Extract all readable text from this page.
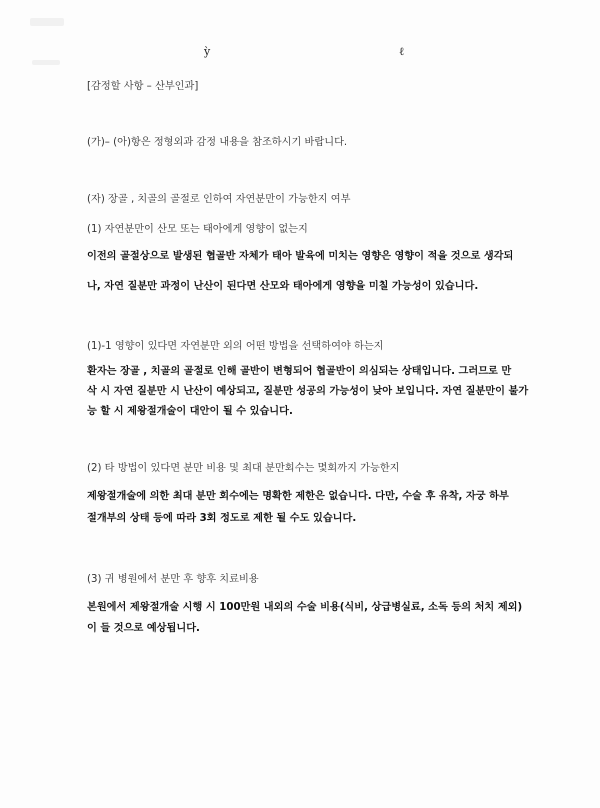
ỳ	ℓ
[감정할 사항 – 산부인과]
(가)– (아)항은 정형외과 감정 내용을 참조하시기 바랍니다.
(자) 장골 , 치골의 골절로 인하여 자연분만이 가능한지 여부
(1) 자연분만이 산모 또는 태아에게 영향이 없는지
이전의 골절상으로 발생된 협골반 자체가 태아 발육에 미치는 영향은 영향이 적을 것으로 생각되
나, 자연 질분만 과정이 난산이 된다면 산모와 태아에게 영향을 미칠 가능성이 있습니다.
(1)-1 영향이 있다면 자연분만 외의 어떤 방법을 선택하여야 하는지
환자는 장골 , 치골의 골절로 인해 골반이 변형되어 협골반이 의심되는 상태입니다. 그러므로 만
삭 시 자연 질분만 시 난산이 예상되고, 질분만 성공의 가능성이 낮아 보입니다. 자연 질분만이 불가
능 할 시 제왕절개술이 대안이 될 수 있습니다.
(2) 타 방법이 있다면 분만 비용 및 최대 분만회수는 몇회까지 가능한지
제왕절개술에 의한 최대 분만 회수에는 명확한 제한은 없습니다. 다만, 수술 후 유착, 자궁 하부
절개부의 상태 등에 따라 3회 정도로 제한 될 수도 있습니다.
(3) 귀 병원에서 분만 후 향후 치료비용
본원에서 제왕절개술 시행 시 100만원 내외의 수술 비용(식비, 상급병실료, 소독 등의 처치 제외)
이 들 것으로 예상됩니다.
